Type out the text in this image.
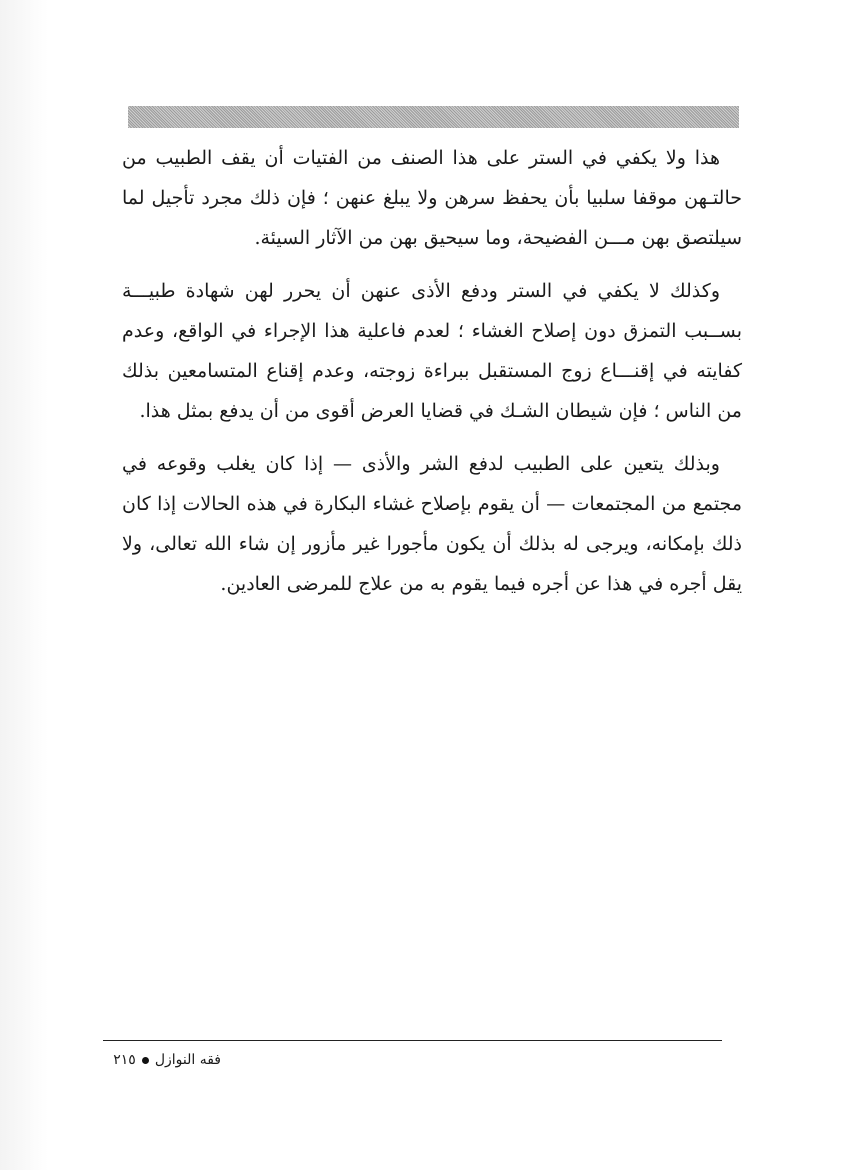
هذا ولا يكفي في الستر على هذا الصنف من الفتيات أن يقف الطبيب من حالتـهن موقفا سلبيا بأن يحفظ سرهن ولا يبلغ عنهن ؛ فإن ذلك مجرد تأجيل لما سيلتصق بهن مـــن الفضيحة، وما سيحيق بهن من الآثار السيئة.

وكذلك لا يكفي في الستر ودفع الأذى عنهن أن يحرر لهن شهادة طبيـــة بســبب التمزق دون إصلاح الغشاء ؛ لعدم فاعلية هذا الإجراء في الواقع، وعدم كفايته في إقنـــاع زوج المستقبل ببراءة زوجته، وعدم إقناع المتسامعين بذلك من الناس ؛ فإن شيطان الشـك في قضايا العرض أقوى من أن يدفع بمثل هذا.

وبذلك يتعين على الطبيب لدفع الشر والأذى — إذا كان يغلب وقوعه في مجتمع من المجتمعات — أن يقوم بإصلاح غشاء البكارة في هذه الحالات إذا كان ذلك بإمكانه، ويرجى له بذلك أن يكون مأجورا غير مأزور إن شاء الله تعالى، ولا يقل أجره في هذا عن أجره فيما يقوم به من علاج للمرضى العادين.

فقه النوازل
٢١٥
